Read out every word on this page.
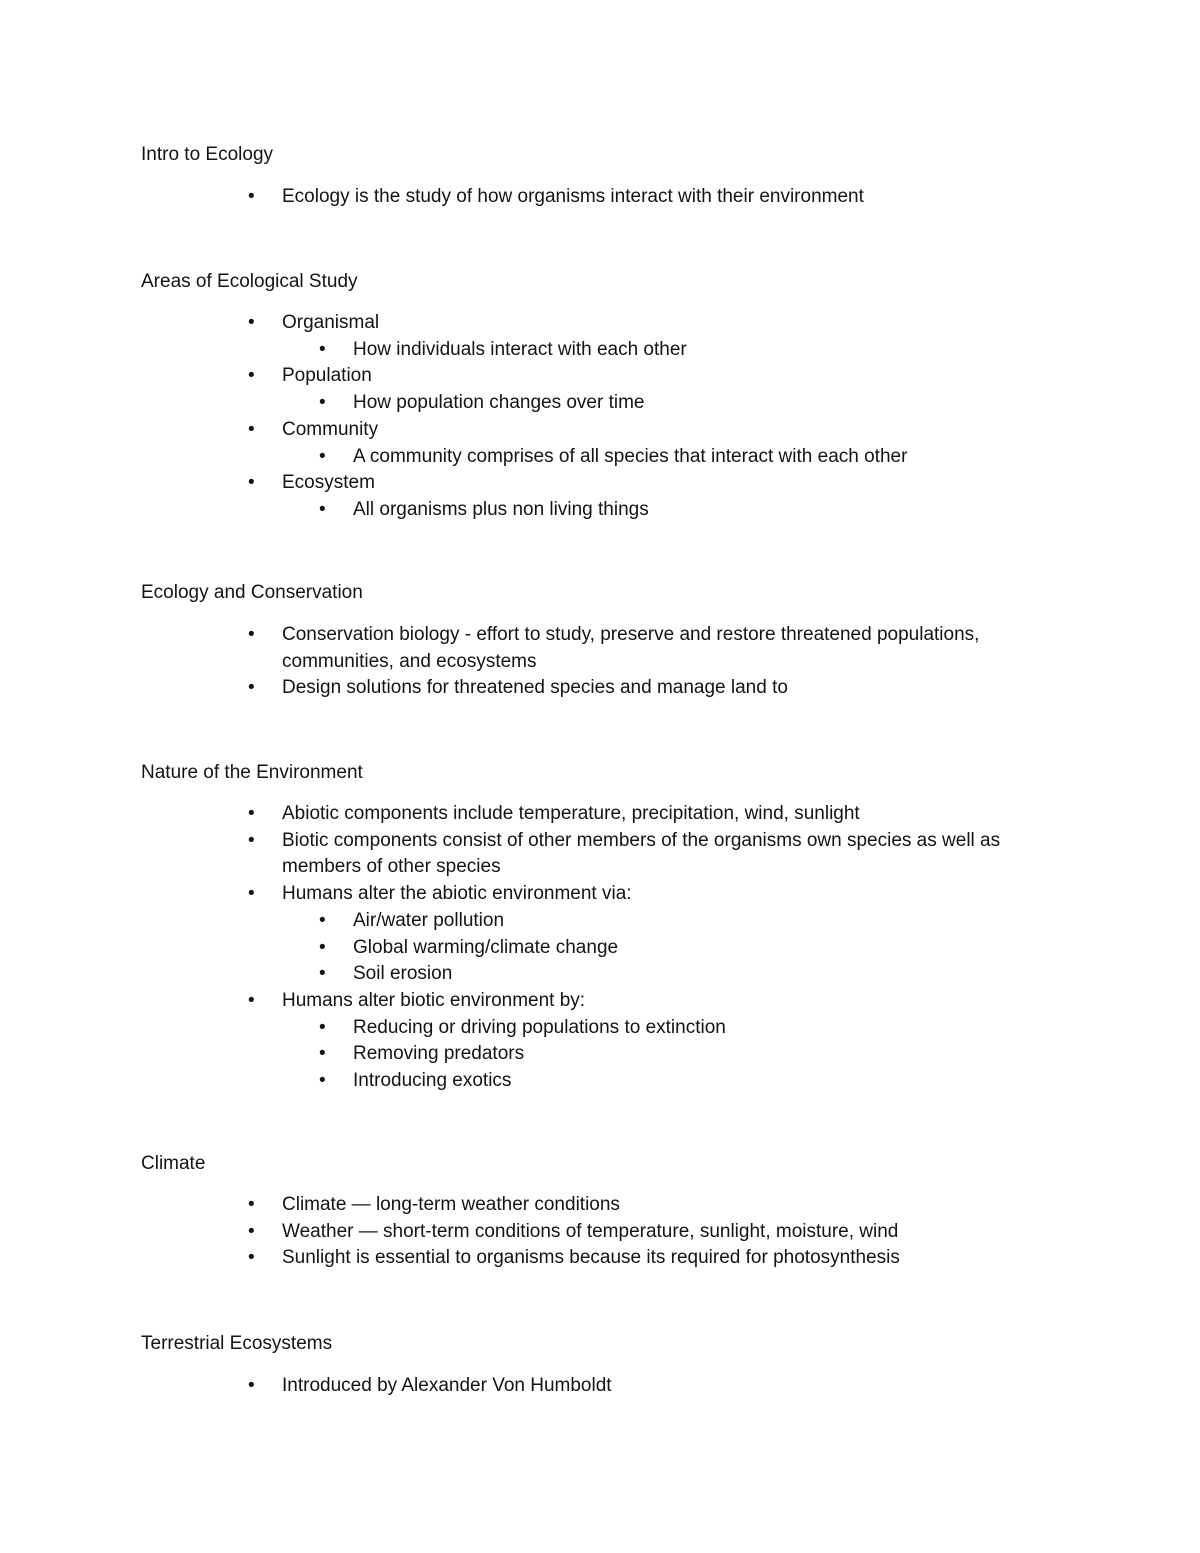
Intro to Ecology
• Ecology is the study of how organisms interact with their environment
Areas of Ecological Study
• Organismal
• How individuals interact with each other
• Population
• How population changes over time
• Community
• A community comprises of all species that interact with each other
• Ecosystem
• All organisms plus non living things
Ecology and Conservation
• Conservation biology - effort to study, preserve and restore threatened populations, communities, and ecosystems
• Design solutions for threatened species and manage land to
Nature of the Environment
• Abiotic components include temperature, precipitation, wind, sunlight
• Biotic components consist of other members of the organisms own species as well as members of other species
• Humans alter the abiotic environment via:
• Air/water pollution
• Global warming/climate change
• Soil erosion
• Humans alter biotic environment by:
• Reducing or driving populations to extinction
• Removing predators
• Introducing exotics
Climate
• Climate — long-term weather conditions
• Weather — short-term conditions of temperature, sunlight, moisture, wind
• Sunlight is essential to organisms because its required for photosynthesis
Terrestrial Ecosystems
• Introduced by Alexander Von Humboldt
